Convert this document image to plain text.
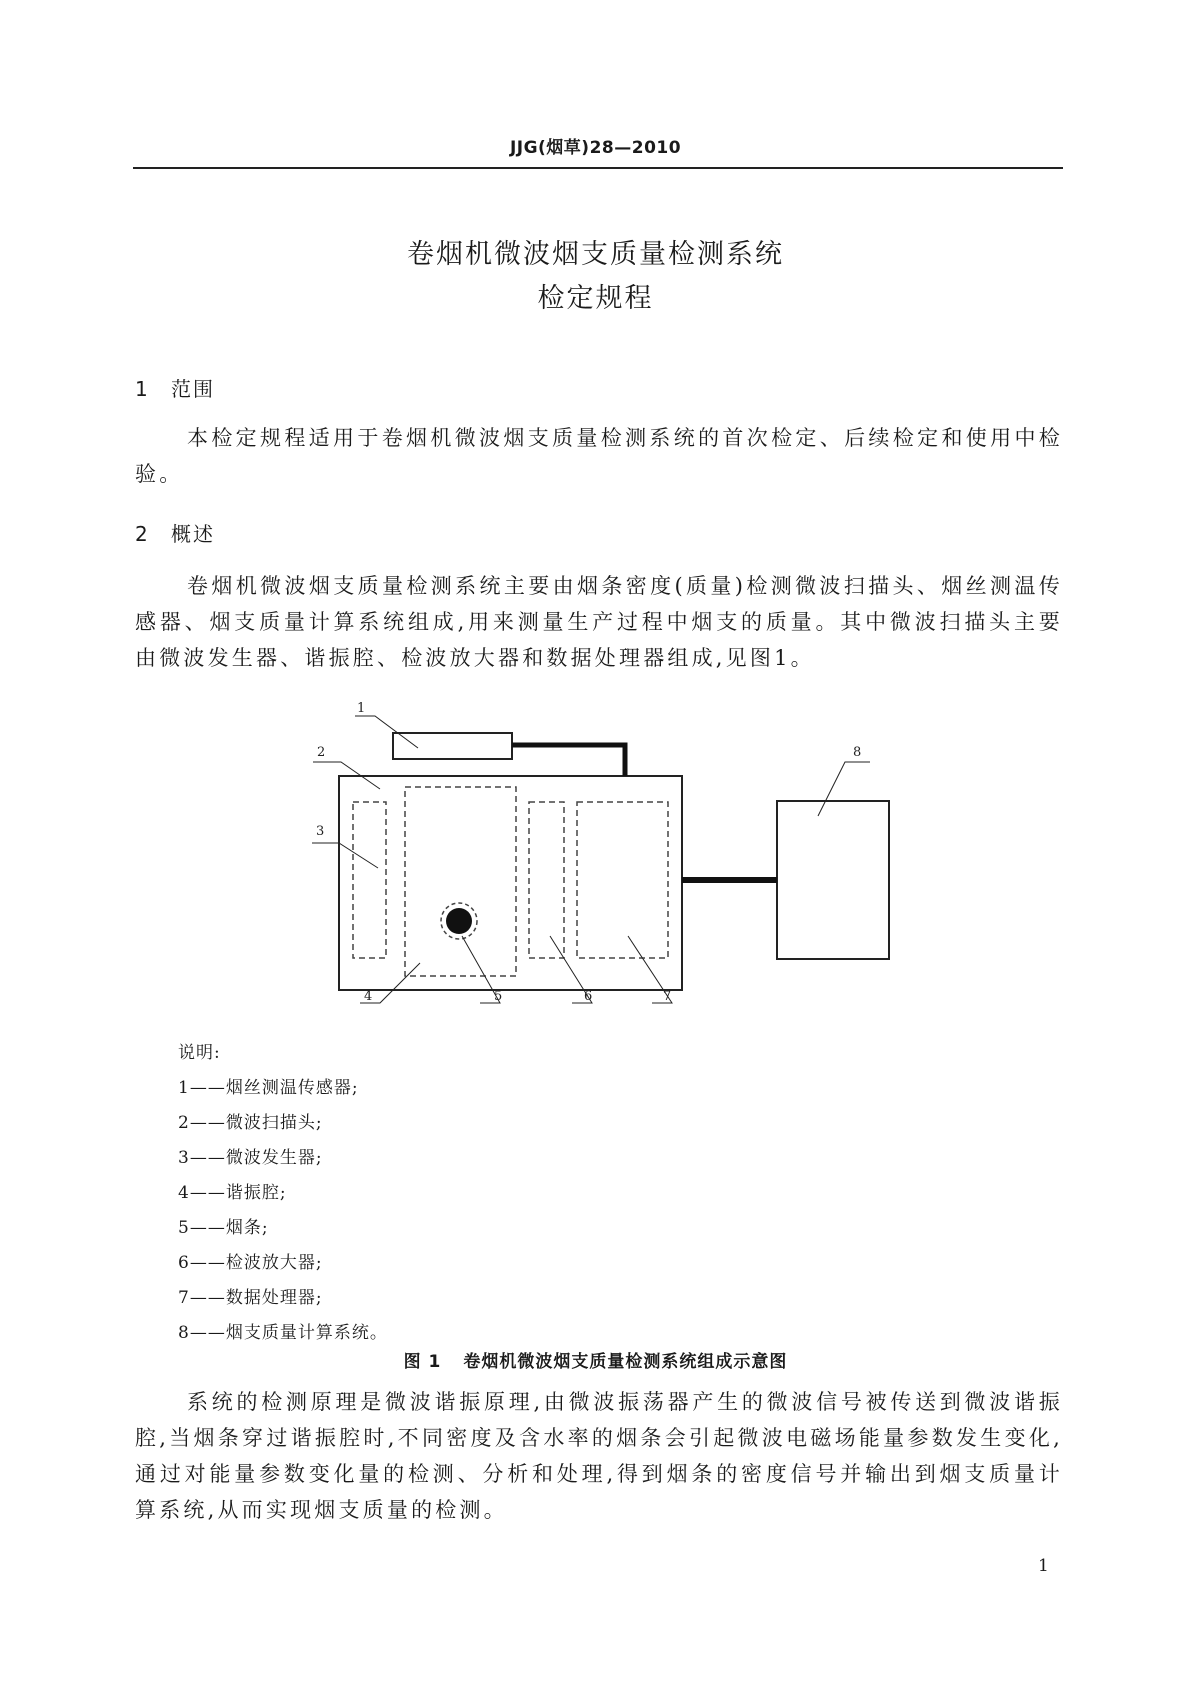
JJG(烟草)28—2010
卷烟机微波烟支质量检测系统
检定规程
1 范围
本检定规程适用于卷烟机微波烟支质量检测系统的首次检定、后续检定和使用中检验。
2 概述
卷烟机微波烟支质量检测系统主要由烟条密度(质量)检测微波扫描头、烟丝测温传感器、烟支质量计算系统组成,用来测量生产过程中烟支的质量。其中微波扫描头主要由微波发生器、谐振腔、检波放大器和数据处理器组成,见图1。
1
2
3
4	5	6	7
8
说明:
1——烟丝测温传感器;
2——微波扫描头;
3——微波发生器;
4——谐振腔;
5——烟条;
6——检波放大器;
7——数据处理器;
8——烟支质量计算系统。
图 1 卷烟机微波烟支质量检测系统组成示意图
系统的检测原理是微波谐振原理,由微波振荡器产生的微波信号被传送到微波谐振腔,当烟条穿过谐振腔时,不同密度及含水率的烟条会引起微波电磁场能量参数发生变化,通过对能量参数变化量的检测、分析和处理,得到烟条的密度信号并输出到烟支质量计算系统,从而实现烟支质量的检测。
1
